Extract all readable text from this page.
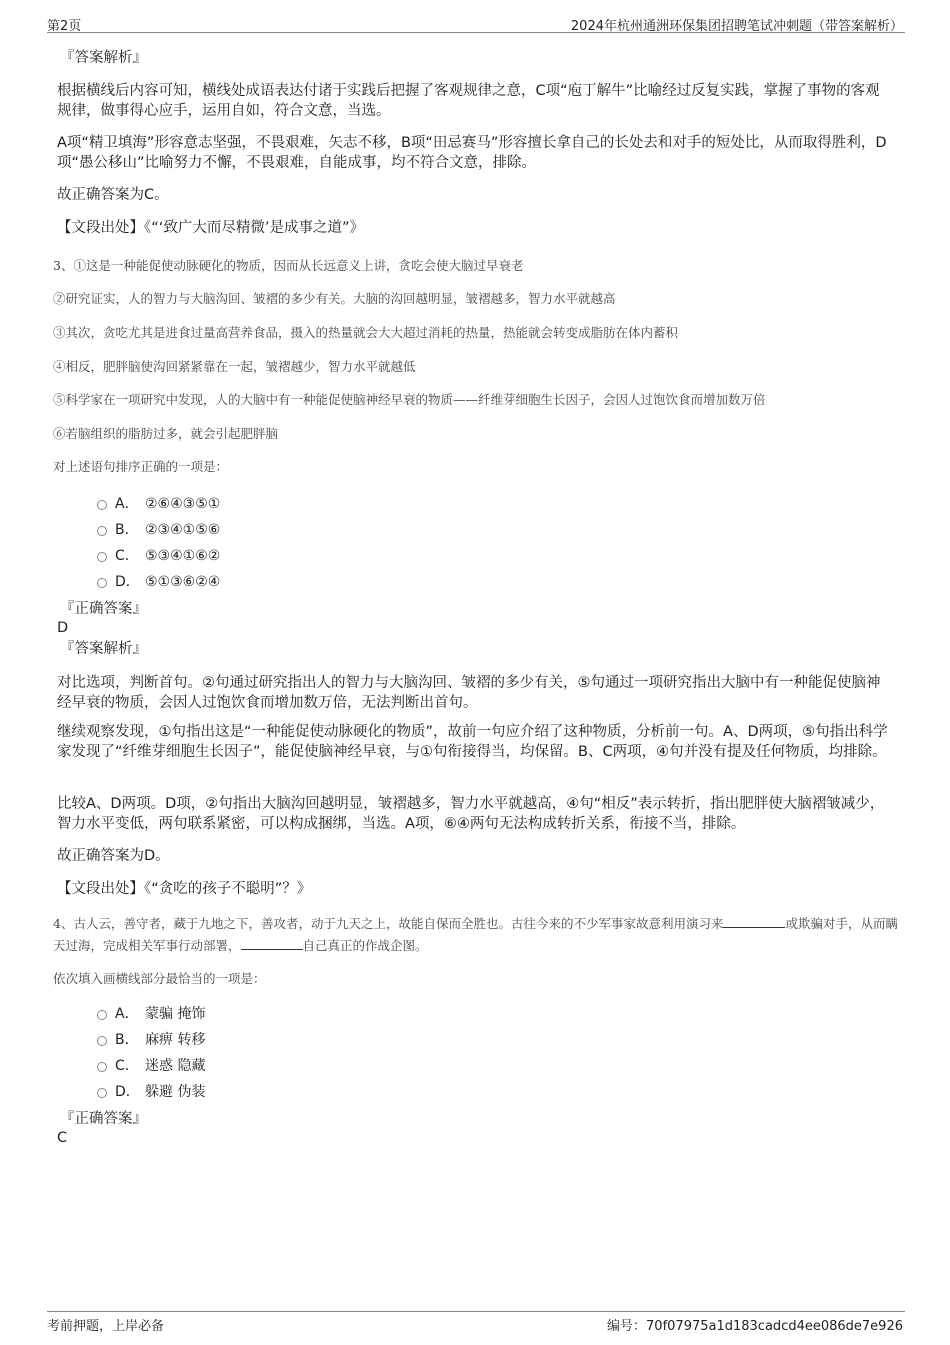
第2页	2024年杭州通洲环保集团招聘笔试冲刺题（带答案解析）
『答案解析』
根据横线后内容可知，横线处成语表达付诸于实践后把握了客观规律之意，C项“庖丁解牛”比喻经过反复实践，掌握了事物的客观规律，做事得心应手，运用自如，符合文意，当选。
A项“精卫填海”形容意志坚强，不畏艰难，矢志不移，B项“田忌赛马”形容擅长拿自己的长处去和对手的短处比，从而取得胜利，D项“愚公移山”比喻努力不懈，不畏艰难，自能成事，均不符合文意，排除。
故正确答案为C。
【文段出处】《“‘致广大而尽精微’是成事之道”》
3、①这是一种能促使动脉硬化的物质，因而从长远意义上讲，贪吃会使大脑过早衰老
②研究证实，人的智力与大脑沟回、皱褶的多少有关。大脑的沟回越明显，皱褶越多，智力水平就越高
③其次，贪吃尤其是进食过量高营养食品，摄入的热量就会大大超过消耗的热量，热能就会转变成脂肪在体内蓄积
④相反，肥胖脑使沟回紧紧靠在一起，皱褶越少，智力水平就越低
⑤科学家在一项研究中发现，人的大脑中有一种能促使脑神经早衰的物质——纤维芽细胞生长因子，会因人过饱饮食而增加数万倍
⑥若脑组织的脂肪过多，就会引起肥胖脑
对上述语句排序正确的一项是：
A． ②⑥④③⑤①
B． ②③④①⑤⑥
C． ⑤③④①⑥②
D． ⑤①③⑥②④
『正确答案』
D
『答案解析』
对比选项，判断首句。②句通过研究指出人的智力与大脑沟回、皱褶的多少有关，⑤句通过一项研究指出大脑中有一种能促使脑神经早衰的物质，会因人过饱饮食而增加数万倍，无法判断出首句。
继续观察发现，①句指出这是“一种能促使动脉硬化的物质”，故前一句应介绍了这种物质，分析前一句。A、D两项，⑤句指出科学家发现了“纤维芽细胞生长因子”，能促使脑神经早衰，与①句衔接得当，均保留。B、C两项，④句并没有提及任何物质，均排除。
比较A、D两项。D项，②句指出大脑沟回越明显，皱褶越多，智力水平就越高，④句“相反”表示转折，指出肥胖使大脑褶皱减少，智力水平变低，两句联系紧密，可以构成捆绑，当选。A项，⑥④两句无法构成转折关系，衔接不当，排除。
故正确答案为D。
【文段出处】《“贪吃的孩子不聪明”？》
4、古人云，善守者，藏于九地之下，善攻者，动于九天之上，故能自保而全胜也。古往今来的不少军事家故意利用演习来	或欺骗对手，从而瞒天过海，完成相关军事行动部署，	自己真正的作战企图。
依次填入画横线部分最恰当的一项是：
A． 蒙骗 掩饰
B． 麻痹 转移
C． 迷惑 隐藏
D． 躲避 伪装
『正确答案』
C
考前押题，上岸必备	编号：70f07975a1d183cadcd4ee086de7e926
